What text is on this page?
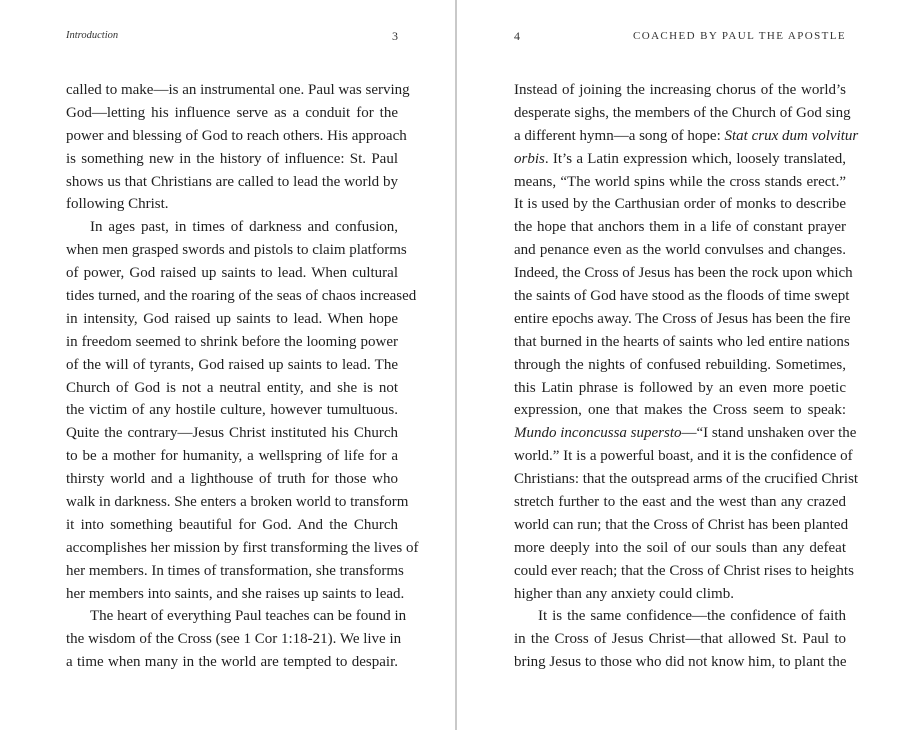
Introduction	3
called to make—is an instrumental one. Paul was serving
God—letting his influence serve as a conduit for the
power and blessing of God to reach others. His approach
is something new in the history of influence: St. Paul
shows us that Christians are called to lead the world by
following Christ.
In ages past, in times of darkness and confusion,
when men grasped swords and pistols to claim platforms
of power, God raised up saints to lead. When cultural
tides turned, and the roaring of the seas of chaos increased
in intensity, God raised up saints to lead. When hope
in freedom seemed to shrink before the looming power
of the will of tyrants, God raised up saints to lead. The
Church of God is not a neutral entity, and she is not
the victim of any hostile culture, however tumultuous.
Quite the contrary—Jesus Christ instituted his Church
to be a mother for humanity, a wellspring of life for a
thirsty world and a lighthouse of truth for those who
walk in darkness. She enters a broken world to transform
it into something beautiful for God. And the Church
accomplishes her mission by first transforming the lives of
her members. In times of transformation, she transforms
her members into saints, and she raises up saints to lead.
The heart of everything Paul teaches can be found in
the wisdom of the Cross (see 1 Cor 1:18-21). We live in
a time when many in the world are tempted to despair.
4	COACHED BY PAUL THE APOSTLE
Instead of joining the increasing chorus of the world’s
desperate sighs, the members of the Church of God sing
a different hymn—a song of hope: Stat crux dum volvitur
orbis. It’s a Latin expression which, loosely translated,
means, “The world spins while the cross stands erect.”
It is used by the Carthusian order of monks to describe
the hope that anchors them in a life of constant prayer
and penance even as the world convulses and changes.
Indeed, the Cross of Jesus has been the rock upon which
the saints of God have stood as the floods of time swept
entire epochs away. The Cross of Jesus has been the fire
that burned in the hearts of saints who led entire nations
through the nights of confused rebuilding. Sometimes,
this Latin phrase is followed by an even more poetic
expression, one that makes the Cross seem to speak:
Mundo inconcussa supersto—“I stand unshaken over the
world.” It is a powerful boast, and it is the confidence of
Christians: that the outspread arms of the crucified Christ
stretch further to the east and the west than any crazed
world can run; that the Cross of Christ has been planted
more deeply into the soil of our souls than any defeat
could ever reach; that the Cross of Christ rises to heights
higher than any anxiety could climb.
It is the same confidence—the confidence of faith
in the Cross of Jesus Christ—that allowed St. Paul to
bring Jesus to those who did not know him, to plant the
